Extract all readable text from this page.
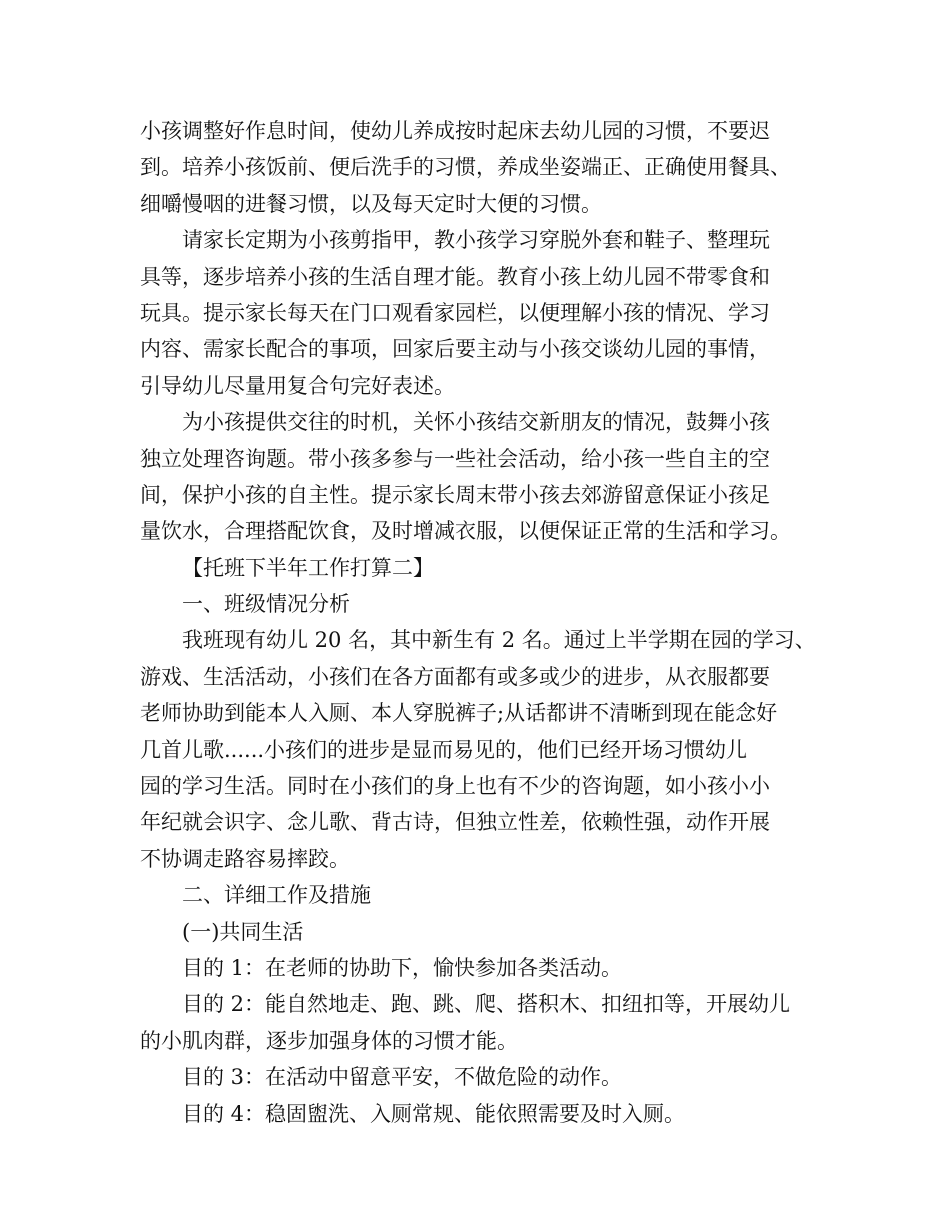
小孩调整好作息时间，使幼儿养成按时起床去幼儿园的习惯，不要迟
到。培养小孩饭前、便后洗手的习惯，养成坐姿端正、正确使用餐具、
细嚼慢咽的进餐习惯，以及每天定时大便的习惯。
请家长定期为小孩剪指甲，教小孩学习穿脱外套和鞋子、整理玩
具等，逐步培养小孩的生活自理才能。教育小孩上幼儿园不带零食和
玩具。提示家长每天在门口观看家园栏，以便理解小孩的情况、学习
内容、需家长配合的事项，回家后要主动与小孩交谈幼儿园的事情，
引导幼儿尽量用复合句完好表述。
为小孩提供交往的时机，关怀小孩结交新朋友的情况，鼓舞小孩
独立处理咨询题。带小孩多参与一些社会活动，给小孩一些自主的空
间，保护小孩的自主性。提示家长周末带小孩去郊游留意保证小孩足
量饮水，合理搭配饮食，及时增减衣服，以便保证正常的生活和学习。
【托班下半年工作打算二】
一、班级情况分析
我班现有幼儿 20 名，其中新生有 2 名。通过上半学期在园的学习、
游戏、生活活动，小孩们在各方面都有或多或少的进步，从衣服都要
老师协助到能本人入厕、本人穿脱裤子;从话都讲不清晰到现在能念好
几首儿歌......小孩们的进步是显而易见的，他们已经开场习惯幼儿
园的学习生活。同时在小孩们的身上也有不少的咨询题，如小孩小小
年纪就会识字、念儿歌、背古诗，但独立性差，依赖性强，动作开展
不协调走路容易摔跤。
二、详细工作及措施
(一)共同生活
目的 1：在老师的协助下，愉快参加各类活动。
目的 2：能自然地走、跑、跳、爬、搭积木、扣纽扣等，开展幼儿
的小肌肉群，逐步加强身体的习惯才能。
目的 3：在活动中留意平安，不做危险的动作。
目的 4：稳固盥洗、入厕常规、能依照需要及时入厕。
